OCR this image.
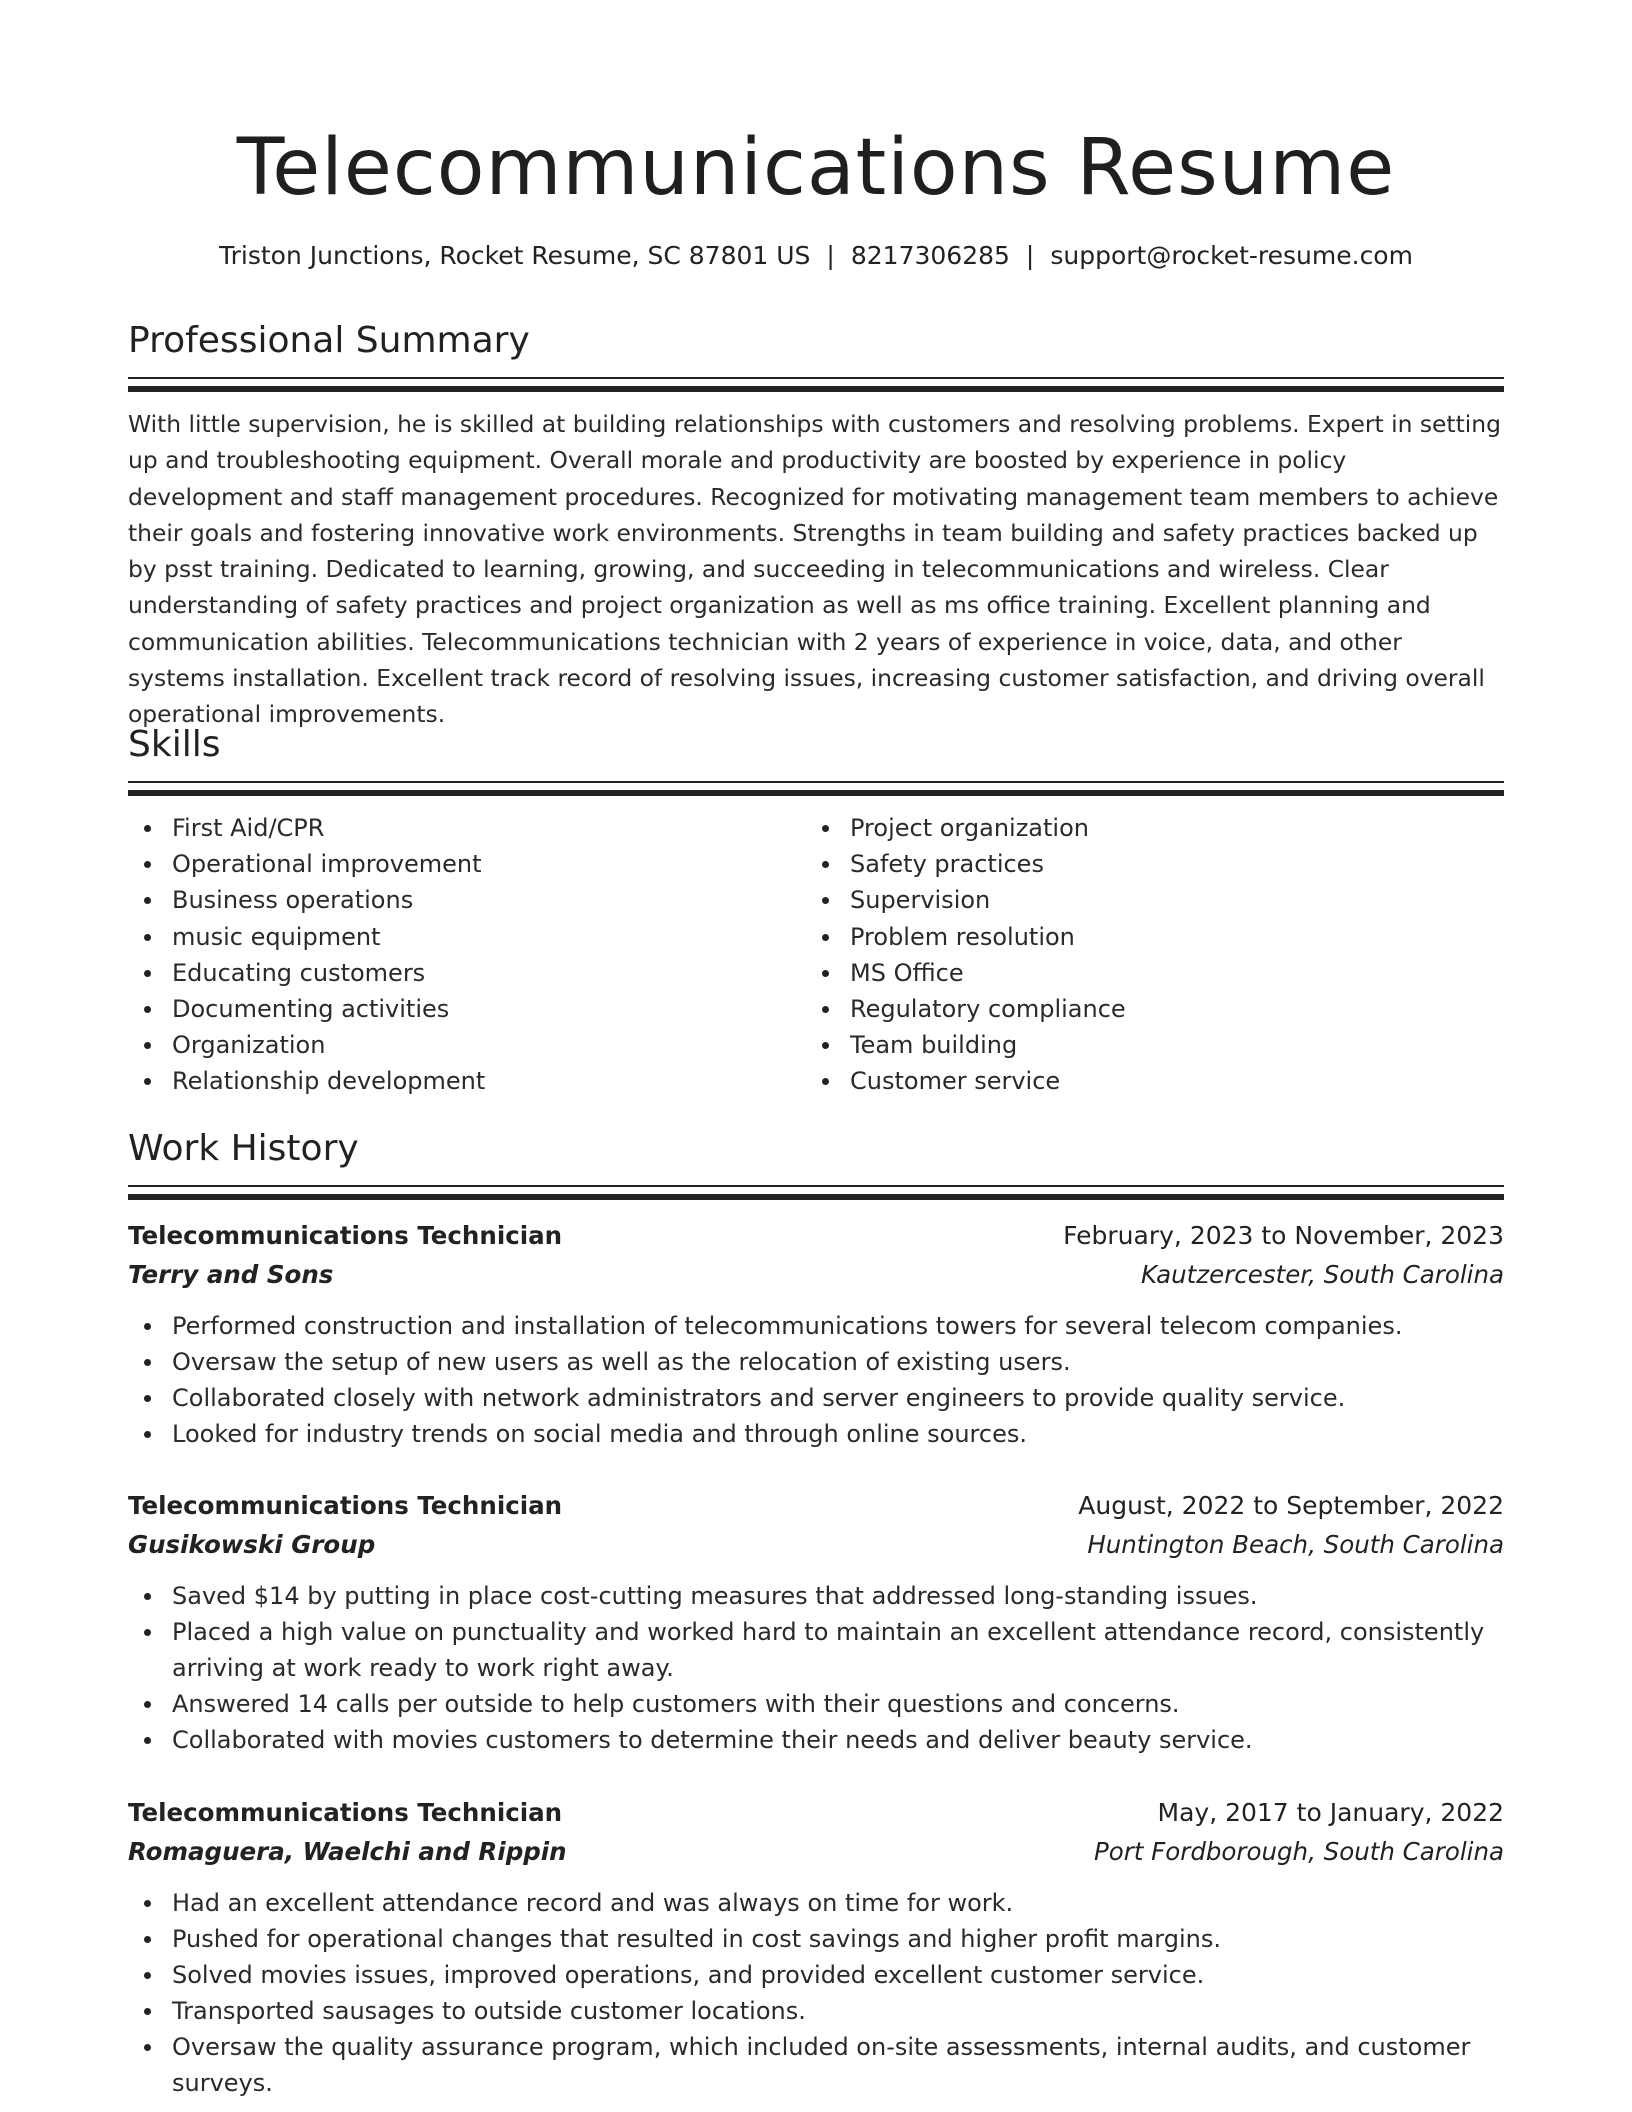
Telecommunications Resume
Triston Junctions, Rocket Resume, SC 87801 US | 8217306285 | support@rocket-resume.com
Professional Summary

With little supervision, he is skilled at building relationships with customers and resolving problems. Expert in setting up and troubleshooting equipment. Overall morale and productivity are boosted by experience in policy development and staff management procedures. Recognized for motivating management team members to achieve their goals and fostering innovative work environments. Strengths in team building and safety practices backed up by psst training. Dedicated to learning, growing, and succeeding in telecommunications and wireless. Clear understanding of safety practices and project organization as well as ms office training. Excellent planning and communication abilities. Telecommunications technician with 2 years of experience in voice, data, and other systems installation. Excellent track record of resolving issues, increasing customer satisfaction, and driving overall operational improvements.

Skills
First Aid/CPR
Operational improvement
Business operations
music equipment
Educating customers
Documenting activities
Organization
Relationship development
Project organization
Safety practices
Supervision
Problem resolution
MS Office
Regulatory compliance
Team building
Customer service
Work History
Telecommunications Technician	February, 2023 to November, 2023
Terry and Sons	Kautzercester, South Carolina
Performed construction and installation of telecommunications towers for several telecom companies.
Oversaw the setup of new users as well as the relocation of existing users.
Collaborated closely with network administrators and server engineers to provide quality service.
Looked for industry trends on social media and through online sources.
Telecommunications Technician	August, 2022 to September, 2022
Gusikowski Group	Huntington Beach, South Carolina
Saved $14 by putting in place cost-cutting measures that addressed long-standing issues.
Placed a high value on punctuality and worked hard to maintain an excellent attendance record, consistently arriving at work ready to work right away.
Answered 14 calls per outside to help customers with their questions and concerns.
Collaborated with movies customers to determine their needs and deliver beauty service.
Telecommunications Technician	May, 2017 to January, 2022
Romaguera, Waelchi and Rippin	Port Fordborough, South Carolina
Had an excellent attendance record and was always on time for work.
Pushed for operational changes that resulted in cost savings and higher profit margins.
Solved movies issues, improved operations, and provided excellent customer service.
Transported sausages to outside customer locations.
Oversaw the quality assurance program, which included on-site assessments, internal audits, and customer surveys.
